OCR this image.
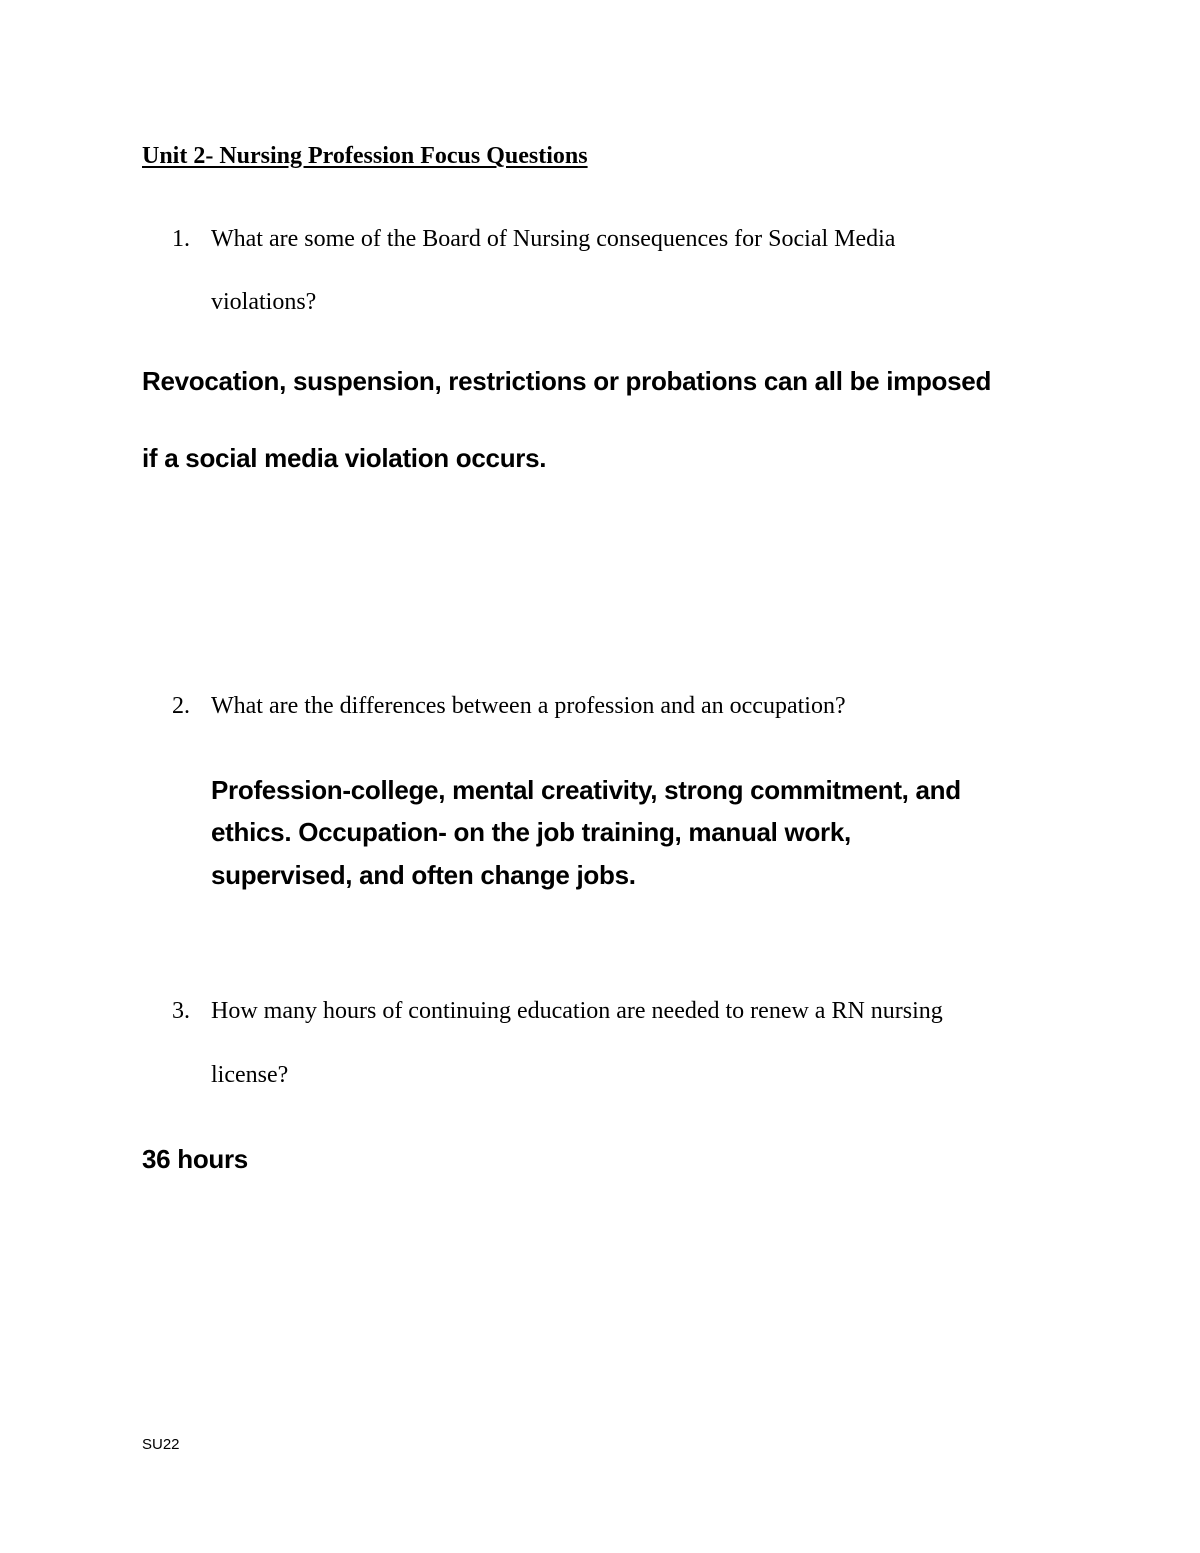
Unit 2- Nursing Profession Focus Questions
1. What are some of the Board of Nursing consequences for Social Media
violations?
Revocation, suspension, restrictions or probations can all be imposed
if a social media violation occurs.
2. What are the differences between a profession and an occupation?
Profession-college, mental creativity, strong commitment, and
ethics. Occupation- on the job training, manual work,
supervised, and often change jobs.
3. How many hours of continuing education are needed to renew a RN nursing
license?
36 hours
SU22
